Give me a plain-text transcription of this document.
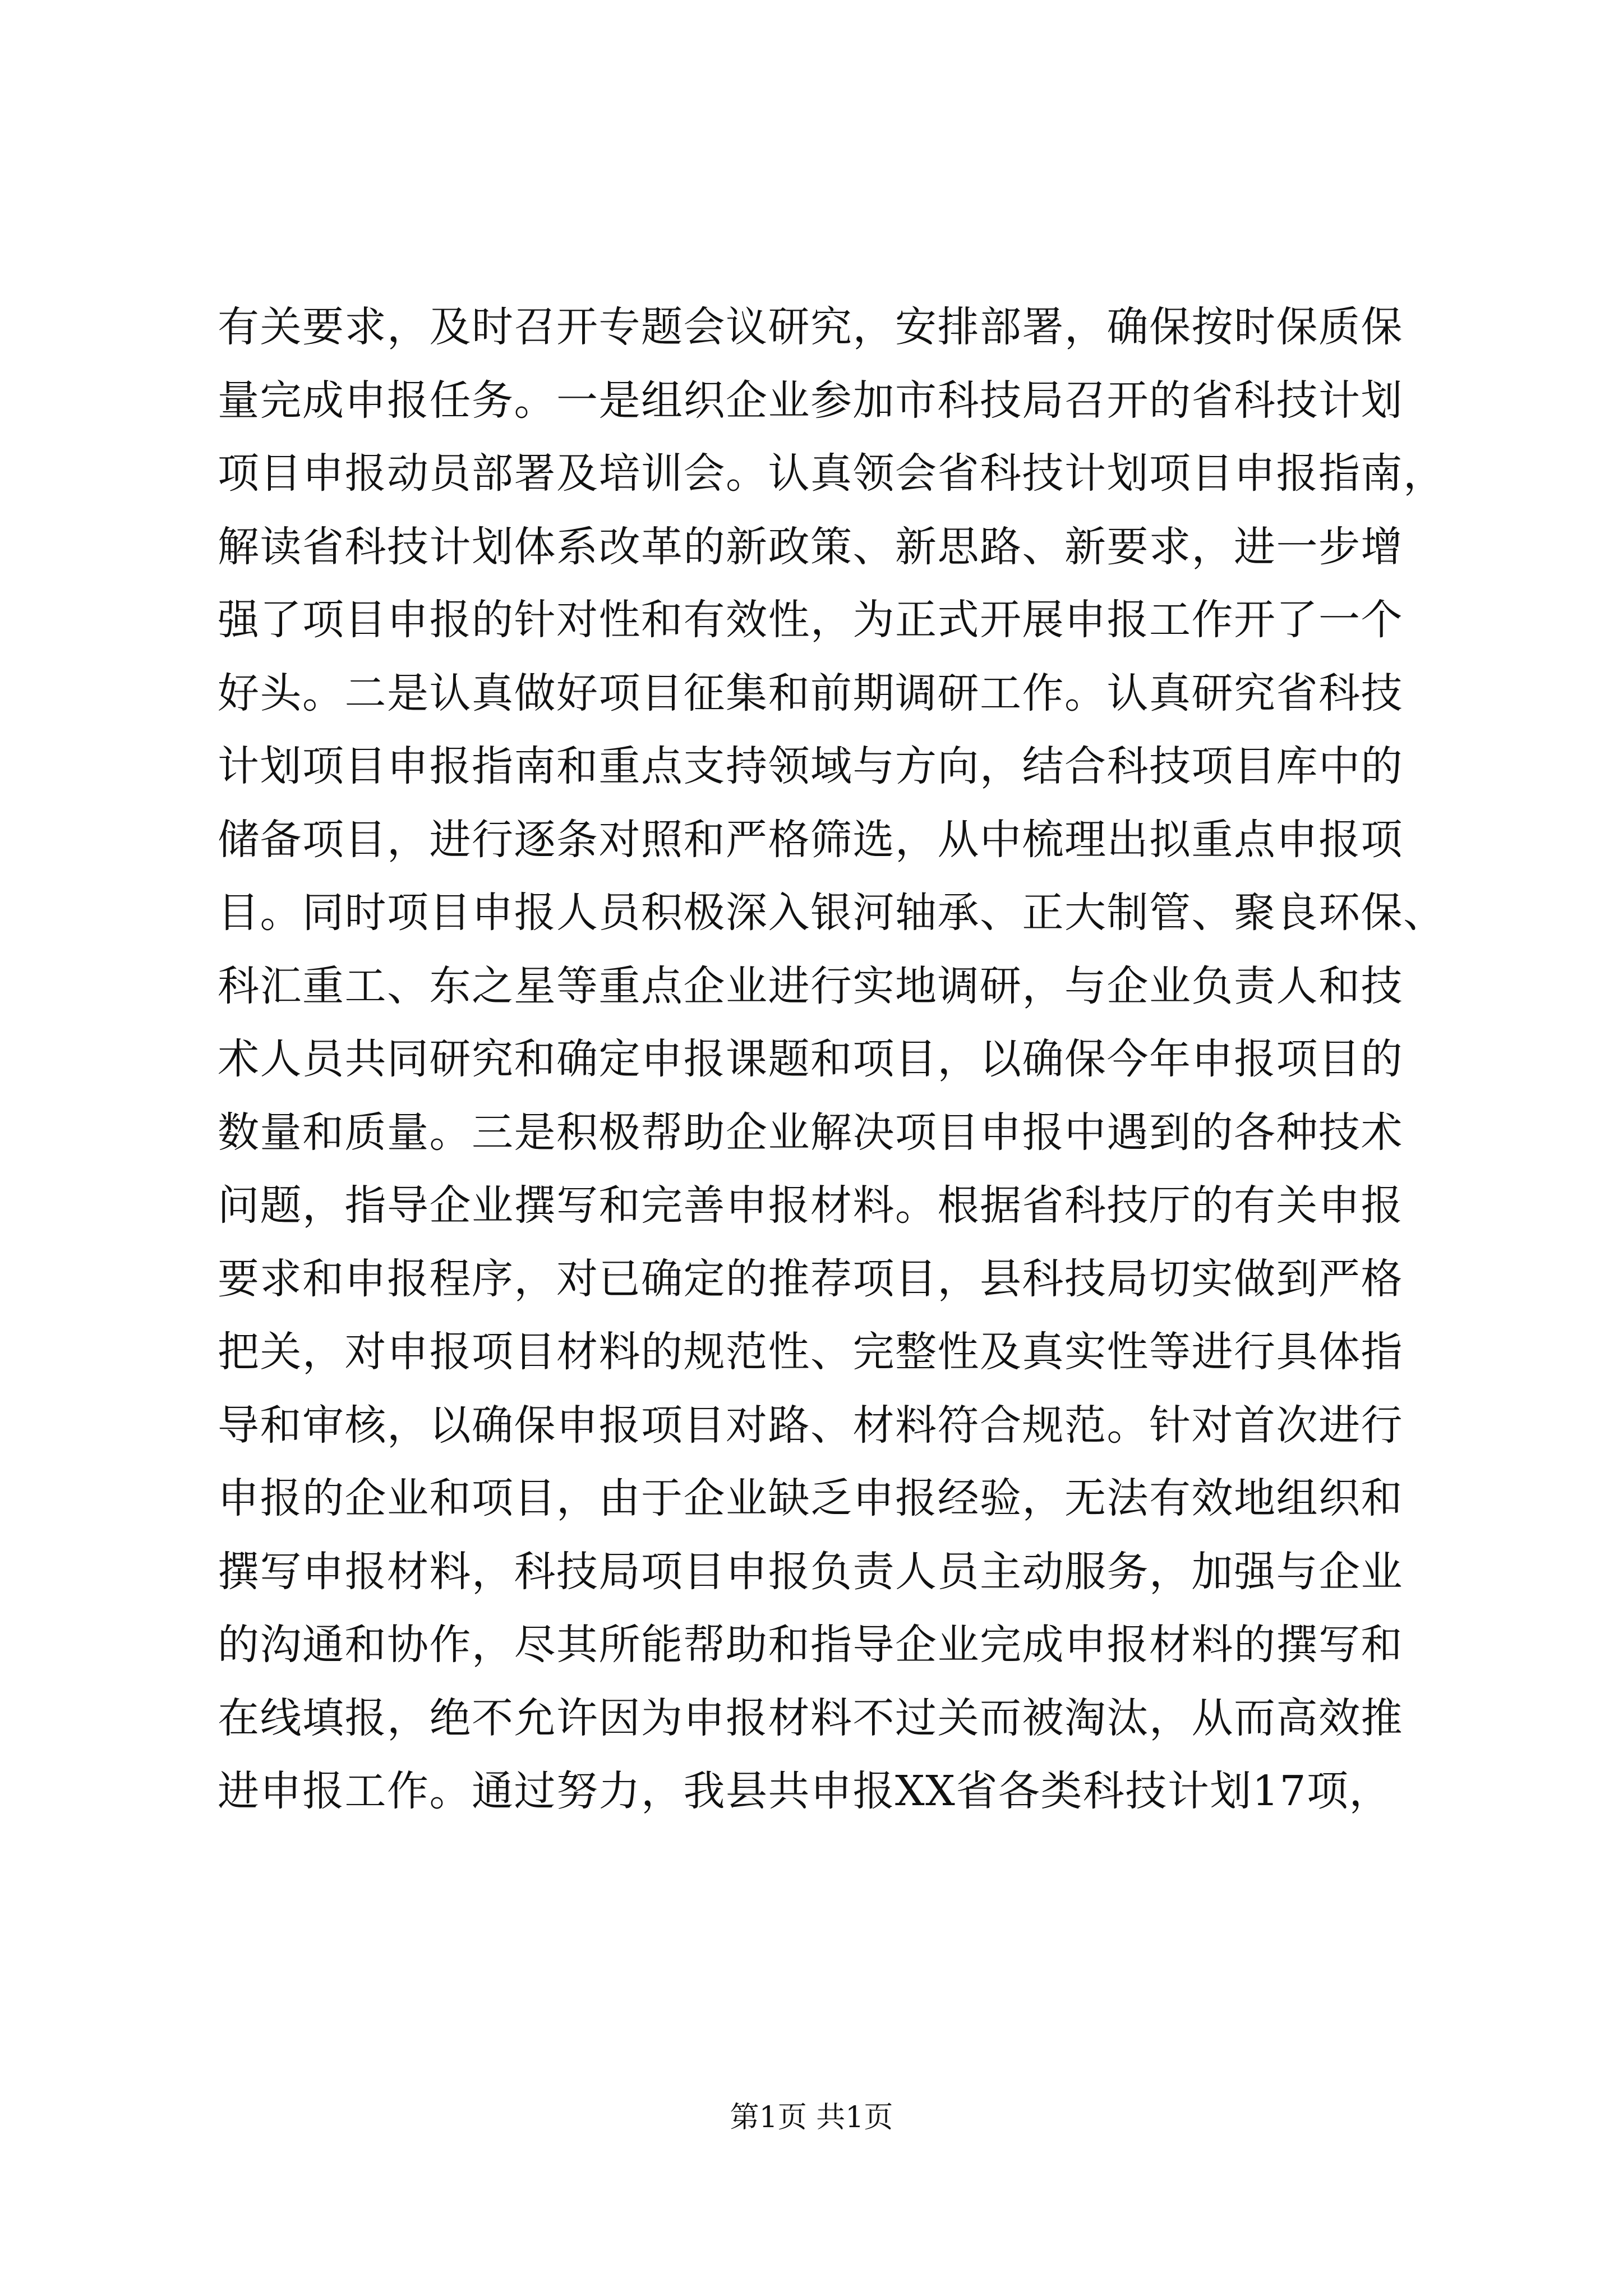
有关要求，及时召开专题会议研究，安排部署，确保按时保质保
量完成申报任务。一是组织企业参加市科技局召开的省科技计划
项目申报动员部署及培训会。认真领会省科技计划项目申报指南，
解读省科技计划体系改革的新政策、新思路、新要求，进一步增
强了项目申报的针对性和有效性，为正式开展申报工作开了一个
好头。二是认真做好项目征集和前期调研工作。认真研究省科技
计划项目申报指南和重点支持领域与方向，结合科技项目库中的
储备项目，进行逐条对照和严格筛选，从中梳理出拟重点申报项
目。同时项目申报人员积极深入银河轴承、正大制管、聚良环保、
科汇重工、东之星等重点企业进行实地调研，与企业负责人和技
术人员共同研究和确定申报课题和项目，以确保今年申报项目的
数量和质量。三是积极帮助企业解决项目申报中遇到的各种技术
问题，指导企业撰写和完善申报材料。根据省科技厅的有关申报
要求和申报程序，对已确定的推荐项目，县科技局切实做到严格
把关，对申报项目材料的规范性、完整性及真实性等进行具体指
导和审核，以确保申报项目对路、材料符合规范。针对首次进行
申报的企业和项目，由于企业缺乏申报经验，无法有效地组织和
撰写申报材料，科技局项目申报负责人员主动服务，加强与企业
的沟通和协作，尽其所能帮助和指导企业完成申报材料的撰写和
在线填报，绝不允许因为申报材料不过关而被淘汰，从而高效推
进申报工作。通过努力，我县共申报XX省各类科技计划17项，
第1页 共1页
